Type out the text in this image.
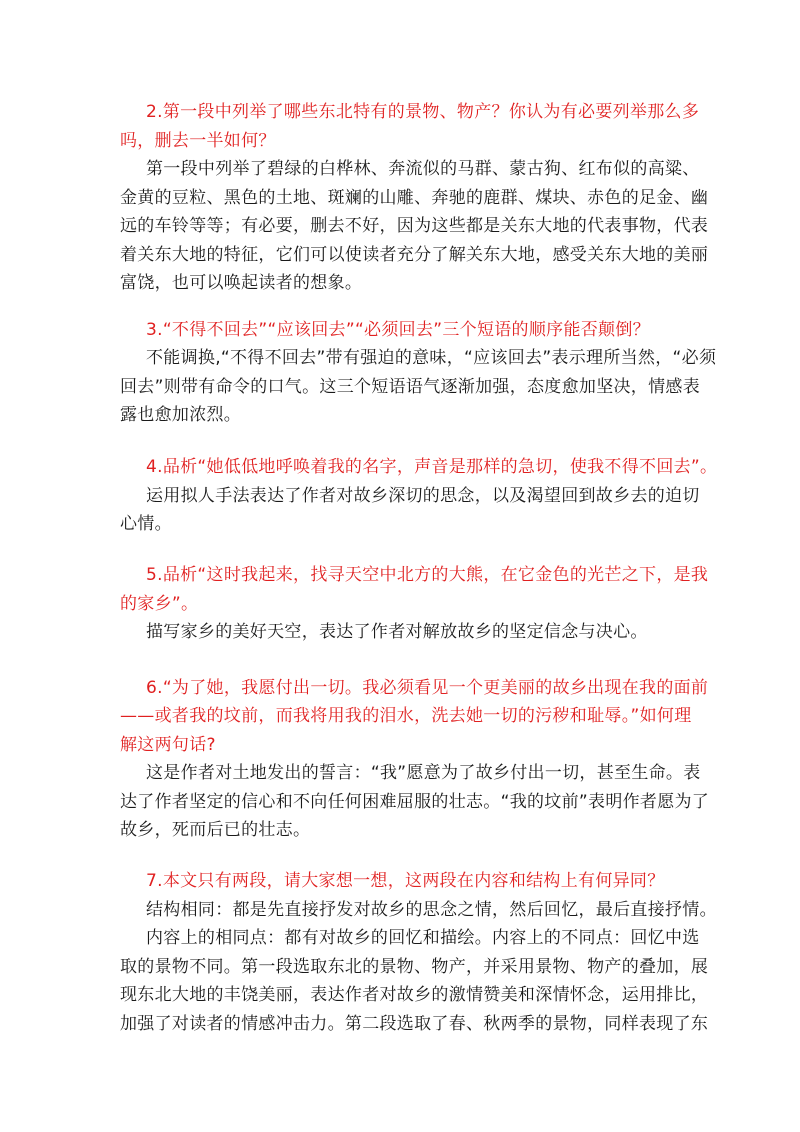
2.第一段中列举了哪些东北特有的景物、物产？你认为有必要列举那么多
吗，删去一半如何？
第一段中列举了碧绿的白桦林、奔流似的马群、蒙古狗、红布似的高粱、
金黄的豆粒、黑色的土地、斑斓的山雕、奔驰的鹿群、煤块、赤色的足金、幽
远的车铃等等；有必要，删去不好，因为这些都是关东大地的代表事物，代表
着关东大地的特征，它们可以使读者充分了解关东大地，感受关东大地的美丽
富饶，也可以唤起读者的想象。
3.“不得不回去”“应该回去”“必须回去”三个短语的顺序能否颠倒？
不能调换,“不得不回去”带有强迫的意味，“应该回去”表示理所当然，“必须
回去”则带有命令的口气。这三个短语语气逐渐加强，态度愈加坚决，情感表
露也愈加浓烈。
4.品析“她低低地呼唤着我的名字，声音是那样的急切，使我不得不回去”。
运用拟人手法表达了作者对故乡深切的思念，以及渴望回到故乡去的迫切
心情。
5.品析“这时我起来，找寻天空中北方的大熊，在它金色的光芒之下，是我
的家乡”。
描写家乡的美好天空，表达了作者对解放故乡的坚定信念与决心。
6.“为了她，我愿付出一切。我必须看见一个更美丽的故乡出现在我的面前
——或者我的坟前，而我将用我的泪水，洗去她一切的污秽和耻辱。”如何理
解这两句话?
这是作者对土地发出的誓言：“我”愿意为了故乡付出一切，甚至生命。表
达了作者坚定的信心和不向任何困难屈服的壮志。“我的坟前”表明作者愿为了
故乡，死而后已的壮志。
7.本文只有两段，请大家想一想，这两段在内容和结构上有何异同？
结构相同：都是先直接抒发对故乡的思念之情，然后回忆，最后直接抒情。
内容上的相同点：都有对故乡的回忆和描绘。内容上的不同点：回忆中选
取的景物不同。第一段选取东北的景物、物产，并采用景物、物产的叠加，展
现东北大地的丰饶美丽，表达作者对故乡的激情赞美和深情怀念，运用排比，
加强了对读者的情感冲击力。第二段选取了春、秋两季的景物，同样表现了东
